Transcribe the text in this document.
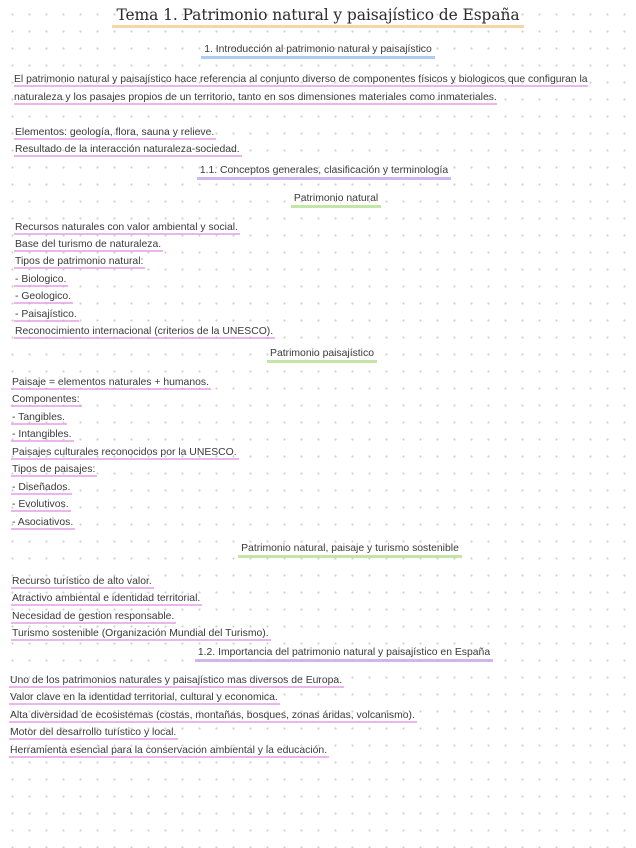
Tema 1. Patrimonio natural y paisajístico de España
1. Introducción al patrimonio natural y paisajístico
El patrimonio natural y paisajístico hace referencia al conjunto diverso de componentes físicos y biologicos que configuran la naturaleza y los pasajes propios de un territorio, tanto en sos dimensiones materiales como inmateriales.
Elementos: geología, flora, sauna y relieve.
Resultado de la interacción naturaleza-sociedad.
1.1. Conceptos generales, clasificación y terminología
Patrimonio natural
Recursos naturales con valor ambiental y social.
Base del turismo de naturaleza.
Tipos de patrimonio natural:
- Biologico.
- Geologico.
- Paisajístico.
Reconocimiento internacional (criterios de la UNESCO).
Patrimonio paisajístico
Paisaje = elementos naturales + humanos.
Componentes:
- Tangibles.
- Intangibles.
Paisajes culturales reconocidos por la UNESCO.
Tipos de paisajes:
- Diseñados.
- Evolutivos.
- Asociativos.
Patrimonio natural, paisaje y turismo sostenible
Recurso turístico de alto valor.
Atractivo ambiental e identidad territorial.
Necesidad de gestion responsable.
Turismo sostenible (Organización Mundial del Turismo).
1.2. Importancia del patrimonio natural y paisajístico en España
Uno de los patrimonios naturales y paisajístico mas diversos de Europa.
Valor clave en la identidad territorial, cultural y economica.
Alta diversidad de ecosistemas (costas, montañas, bosques, zonas áridas, volcanismo).
Motor del desarrollo turístico y local.
Herramienta esencial para la conservacion ambiental y la educación.
